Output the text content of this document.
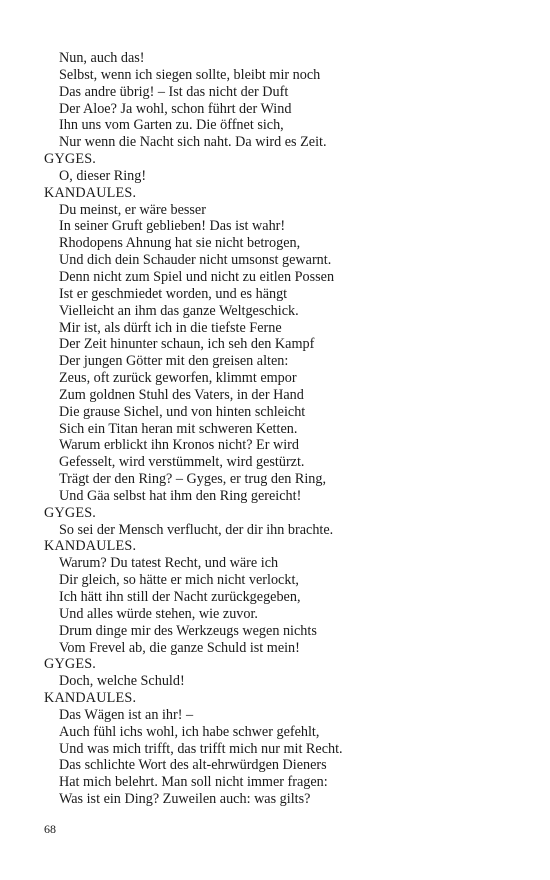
Nun, auch das!
Selbst, wenn ich siegen sollte, bleibt mir noch
Das andre übrig! – Ist das nicht der Duft
Der Aloe? Ja wohl, schon führt der Wind
Ihn uns vom Garten zu. Die öffnet sich,
Nur wenn die Nacht sich naht. Da wird es Zeit.
GYGES.
O, dieser Ring!
KANDAULES.
Du meinst, er wäre besser
In seiner Gruft geblieben! Das ist wahr!
Rhodopens Ahnung hat sie nicht betrogen,
Und dich dein Schauder nicht umsonst gewarnt.
Denn nicht zum Spiel und nicht zu eitlen Possen
Ist er geschmiedet worden, und es hängt
Vielleicht an ihm das ganze Weltgeschick.
Mir ist, als dürft ich in die tiefste Ferne
Der Zeit hinunter schaun, ich seh den Kampf
Der jungen Götter mit den greisen alten:
Zeus, oft zurück geworfen, klimmt empor
Zum goldnen Stuhl des Vaters, in der Hand
Die grause Sichel, und von hinten schleicht
Sich ein Titan heran mit schweren Ketten.
Warum erblickt ihn Kronos nicht? Er wird
Gefesselt, wird verstümmelt, wird gestürzt.
Trägt der den Ring? – Gyges, er trug den Ring,
Und Gäa selbst hat ihm den Ring gereicht!
GYGES.
So sei der Mensch verflucht, der dir ihn brachte.
KANDAULES.
Warum? Du tatest Recht, und wäre ich
Dir gleich, so hätte er mich nicht verlockt,
Ich hätt ihn still der Nacht zurückgegeben,
Und alles würde stehen, wie zuvor.
Drum dinge mir des Werkzeugs wegen nichts
Vom Frevel ab, die ganze Schuld ist mein!
GYGES.
Doch, welche Schuld!
KANDAULES.
Das Wägen ist an ihr! –
Auch fühl ichs wohl, ich habe schwer gefehlt,
Und was mich trifft, das trifft mich nur mit Recht.
Das schlichte Wort des alt-ehrwürdgen Dieners
Hat mich belehrt. Man soll nicht immer fragen:
Was ist ein Ding? Zuweilen auch: was gilts?
68
